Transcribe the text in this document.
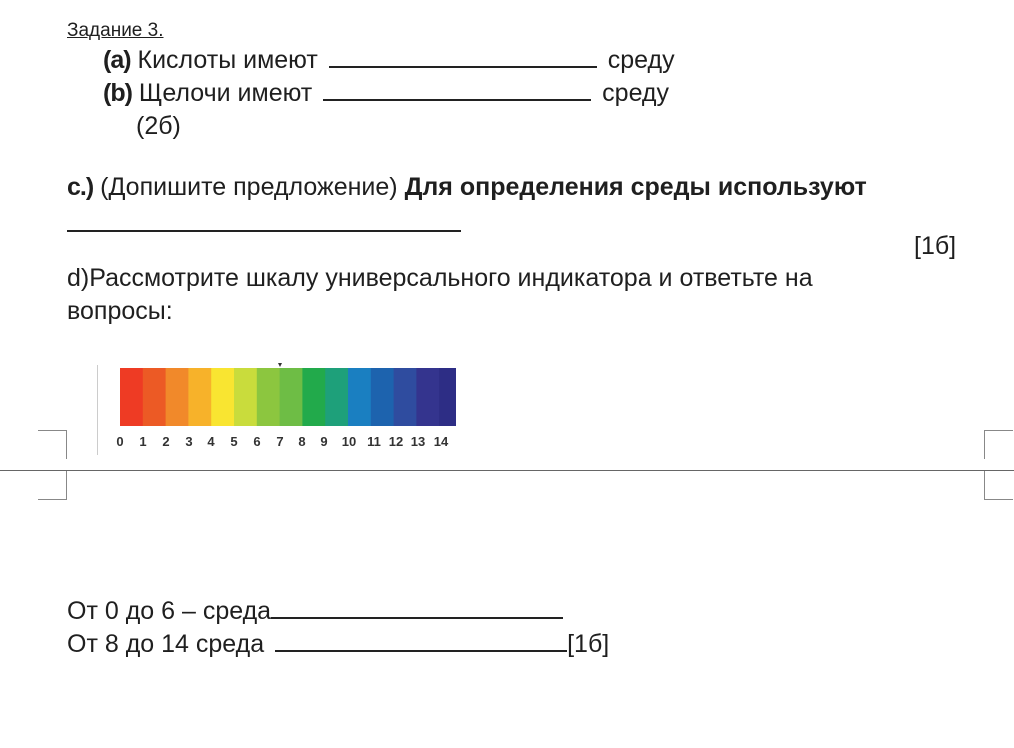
Задание 3.
(a) Кислоты имеют	среду
(b) Щелочи имеют	среду
(2б)
c.) (Допишите предложение) Для определения среды используют
[1б]
d)Рассмотрите шкалу универсального индикатора и ответьте на
вопросы:
0 1 2 3 4 5 6 7 8 9 10 11 12 13 14
От 0 до 6 – среда
От 8 до 14 среда	[1б]
